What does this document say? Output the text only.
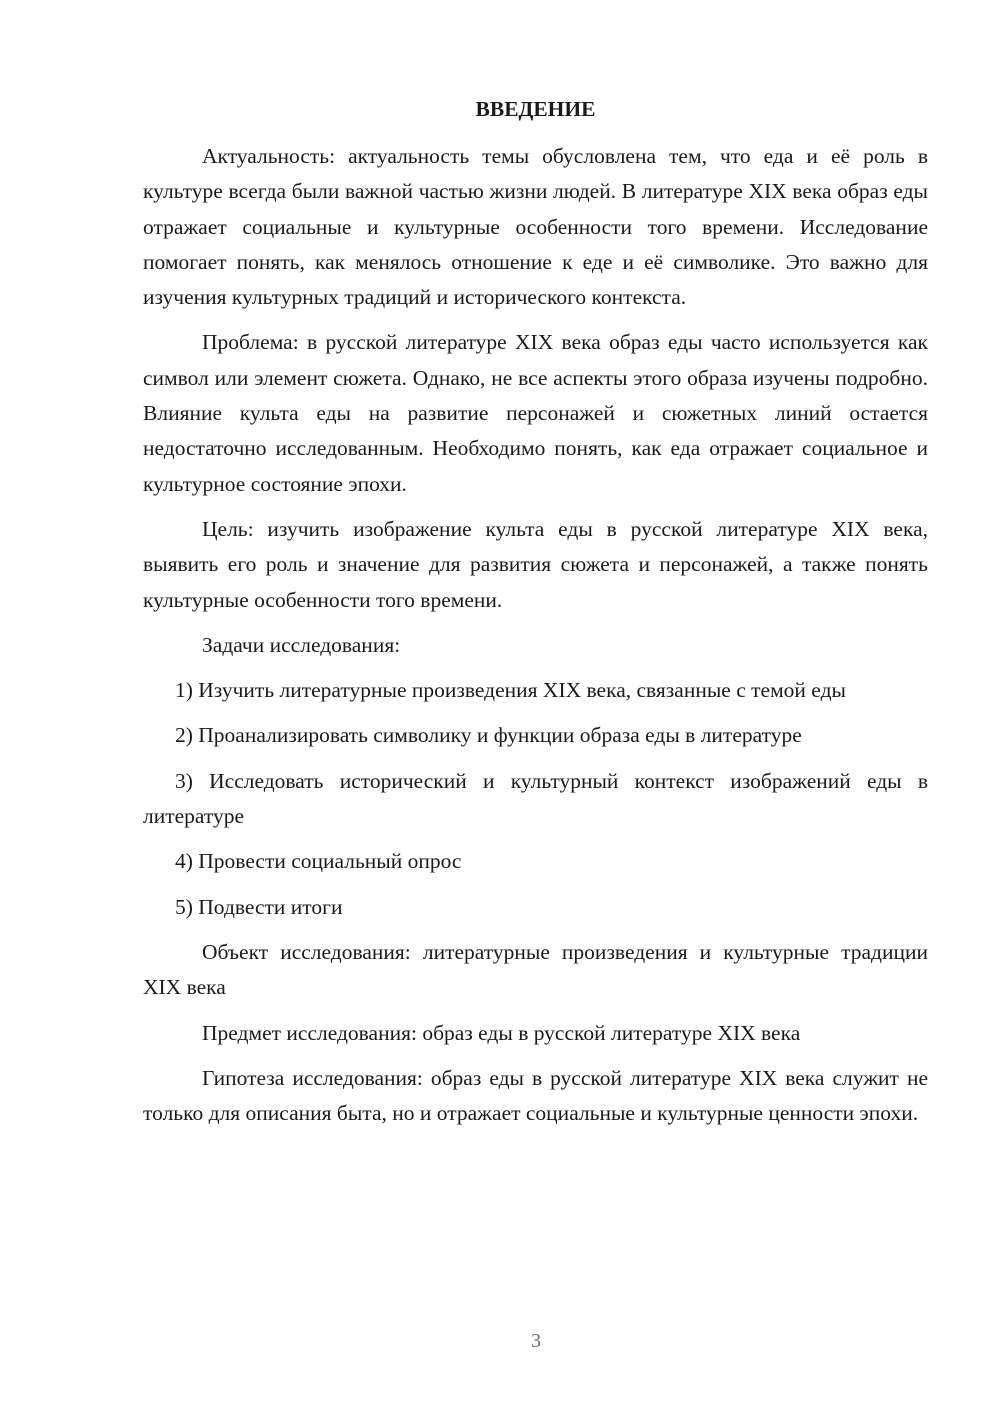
ВВЕДЕНИЕ

Актуальность: актуальность темы обусловлена тем, что еда и её роль в культуре всегда были важной частью жизни людей. В литературе XIX века образ еды отражает социальные и культурные особенности того времени. Исследование помогает понять, как менялось отношение к еде и её символике. Это важно для изучения культурных традиций и исторического контекста.

Проблема: в русской литературе XIX века образ еды часто используется как символ или элемент сюжета. Однако, не все аспекты этого образа изучены подробно. Влияние культа еды на развитие персонажей и сюжетных линий остается недостаточно исследованным. Необходимо понять, как еда отражает социальное и культурное состояние эпохи.

Цель: изучить изображение культа еды в русской литературе XIX века, выявить его роль и значение для развития сюжета и персонажей, а также понять культурные особенности того времени.

Задачи исследования:

1) Изучить литературные произведения XIX века, связанные с темой еды

2) Проанализировать символику и функции образа еды в литературе

3) Исследовать исторический и культурный контекст изображений еды в литературе

4) Провести социальный опрос

5) Подвести итоги

Объект исследования: литературные произведения и культурные традиции XIX века

Предмет исследования: образ еды в русской литературе XIX века

Гипотеза исследования: образ еды в русской литературе XIX века служит не только для описания быта, но и отражает социальные и культурные ценности эпохи.

3
